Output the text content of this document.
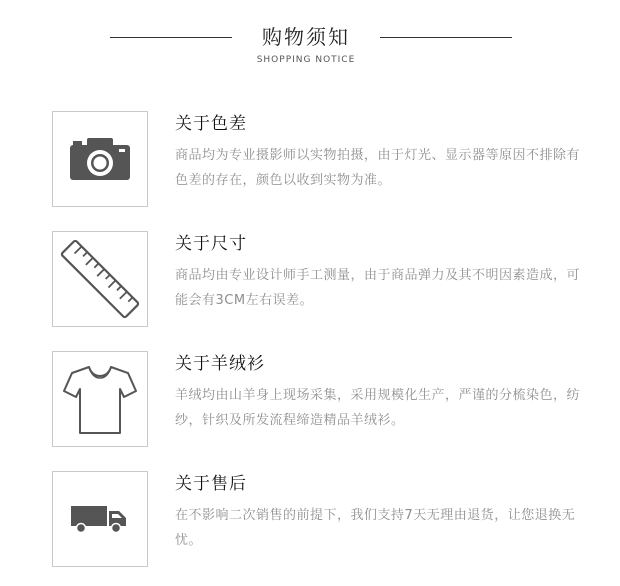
购物须知
SHOPPING NOTICE
关于色差
商品均为专业摄影师以实物拍摄，由于灯光、显示器等原因不排除有色差的存在，颜色以收到实物为准。
关于尺寸
商品均由专业设计师手工测量，由于商品弹力及其不明因素造成，可能会有3CM左右误差。
关于羊绒衫
羊绒均由山羊身上现场采集，采用规模化生产，严谨的分梳染色，纺纱，针织及所发流程缔造精品羊绒衫。
关于售后
在不影响二次销售的前提下，我们支持7天无理由退货，让您退换无忧。
